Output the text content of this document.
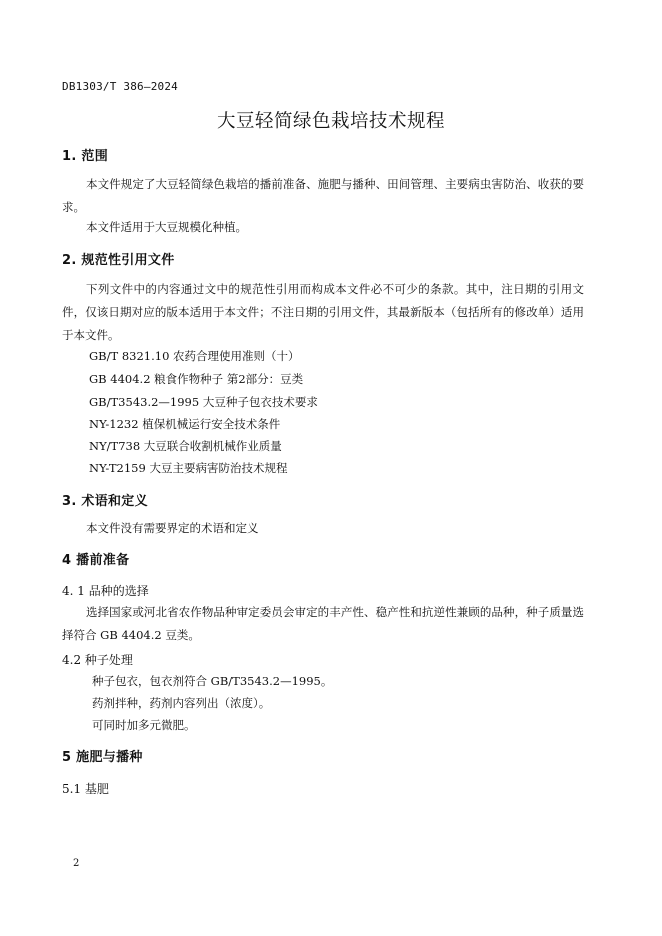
DB1303/T 386—2024
大豆轻简绿色栽培技术规程
1. 范围
本文件规定了大豆轻简绿色栽培的播前准备、施肥与播种、田间管理、主要病虫害防治、收获的要求。
本文件适用于大豆规模化种植。
2. 规范性引用文件
下列文件中的内容通过文中的规范性引用而构成本文件必不可少的条款。其中，注日期的引用文件，仅该日期对应的版本适用于本文件；不注日期的引用文件，其最新版本（包括所有的修改单）适用于本文件。
GB/T 8321.10 农药合理使用准则（十）
GB 4404.2 粮食作物种子 第2部分：豆类
GB/T3543.2—1995 大豆种子包衣技术要求
NY-1232 植保机械运行安全技术条件
NY/T738 大豆联合收割机械作业质量
NY-T2159 大豆主要病害防治技术规程
3. 术语和定义
本文件没有需要界定的术语和定义
4 播前准备
4. 1 品种的选择
选择国家或河北省农作物品种审定委员会审定的丰产性、稳产性和抗逆性兼顾的品种，种子质量选择符合 GB 4404.2 豆类。
4.2 种子处理
种子包衣，包衣剂符合 GB/T3543.2—1995。
药剂拌种，药剂内容列出（浓度）。
可同时加多元微肥。
5 施肥与播种
5.1 基肥
2
